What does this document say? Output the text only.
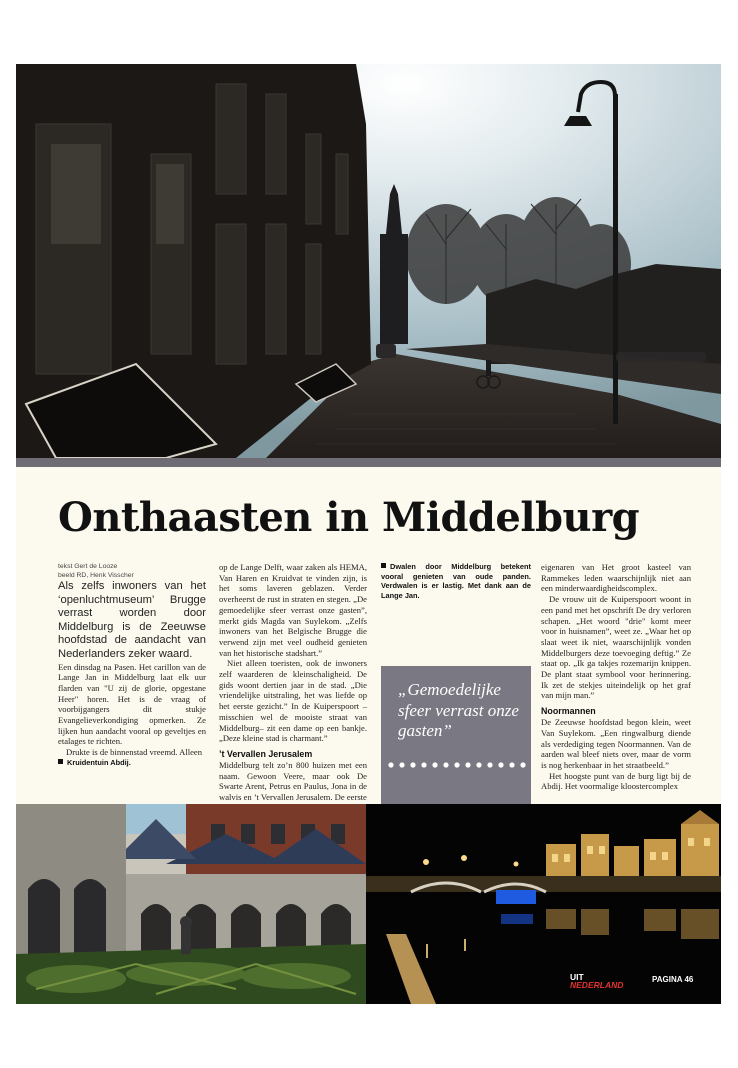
Onthaasten in Middelburg

tekst Gert de Looze

beeld RD, Henk Visscher

Als zelfs inwoners van het ‘openluchtmuseum’ Brugge verrast worden door Middelburg is de Zeeuwse hoofdstad de aandacht van Nederlanders zeker waard.

Een dinsdag na Pasen. Het carillon van de Lange Jan in Middelburg laat elk uur flarden van "U zij de glorie, opgestane Heer" horen. Het is de vraag of voorbijgangers dit stukje Evangelieverkondiging opmerken. Ze lijken hun aandacht vooral op geveltjes en etalages te richten.

Drukte is de binnenstad vreemd. Alleen

Kruidentuin Abdij.

op de Lange Delft, waar zaken als HEMA, Van Haren en Kruidvat te vinden zijn, is het soms laveren geblazen. Verder overheerst de rust in straten en stegen. „De gemoedelijke sfeer verrast onze gasten”, merkt gids Magda van Suylekom. „Zelfs inwoners van het Belgische Brugge die verwend zijn met veel oudheid genieten van het historische stadshart.”

Niet alleen toeristen, ook de inwoners zelf waarderen de kleinschaligheid. De gids woont dertien jaar in de stad. „Die vriendelijke uitstraling, het was liefde op het eerste gezicht.” In de Kuiperspoort – misschien wel de mooiste straat van Middelburg– zit een dame op een bankje. „Deze kleine stad is charmant.”

’t Vervallen Jerusalem

Middelburg telt zo’n 800 huizen met een naam. Gewoon Veere, maar ook De Swarte Arent, Petrus en Paulus, Jona in de walvis en ’t Vervallen Jerusalem. De eerste

Dwalen door Middelburg betekent vooral genieten van oude panden. Verdwalen is er lastig. Met dank aan de Lange Jan.

„Gemoedelijke sfeer verrast onze gasten”

eigenaren van Het groot kasteel van Rammekes leden waarschijnlijk niet aan een minderwaardigheidscomplex.

De vrouw uit de Kuiperspoort woont in een pand met het opschrift De dry verloren schapen. „Het woord "drie" komt meer voor in huisnamen”, weet ze. „Waar het op slaat weet ik niet, waarschijnlijk vonden Middelburgers deze toevoeging deftig.” Ze staat op. „Ik ga takjes rozemarijn knippen. De plant staat symbool voor herinnering. Ik zet de stekjes uiteindelijk op het graf van mijn man.”

Noormannen

De Zeeuwse hoofdstad begon klein, weet Van Suylekom. „Een ringwalburg diende als verdediging tegen Noormannen. Van de aarden wal bleef niets over, maar de vorm is nog herkenbaar in het straatbeeld.”

Het hoogste punt van de burg ligt bij de Abdij. Het voormalige kloostercomplex

UIT
NEDERLAND
PAGINA 46
